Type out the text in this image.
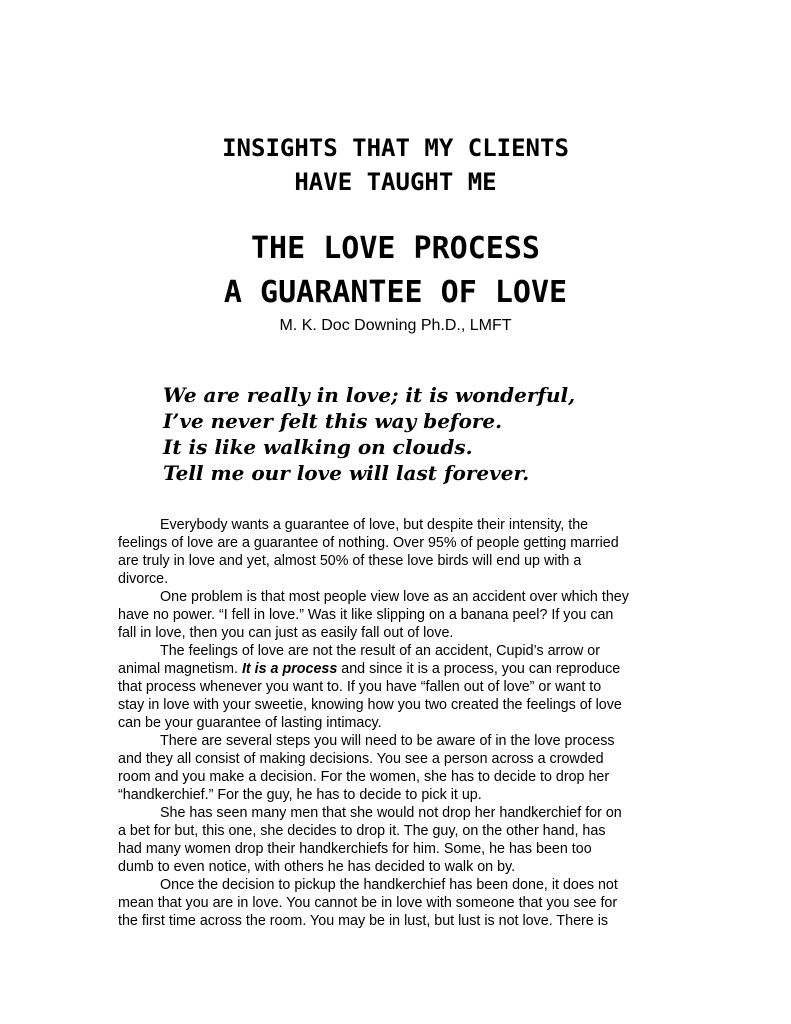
INSIGHTS THAT MY CLIENTS
HAVE TAUGHT ME
THE LOVE PROCESS
A GUARANTEE OF LOVE
M. K. Doc Downing Ph.D., LMFT
We are really in love; it is wonderful,
I’ve never felt this way before.
It is like walking on clouds.
Tell me our love will last forever.
Everybody wants a guarantee of love, but despite their intensity, the
feelings of love are a guarantee of nothing. Over 95% of people getting married
are truly in love and yet, almost 50% of these love birds will end up with a
divorce.
One problem is that most people view love as an accident over which they
have no power. “I fell in love.” Was it like slipping on a banana peel? If you can
fall in love, then you can just as easily fall out of love.
The feelings of love are not the result of an accident, Cupid’s arrow or
animal magnetism. It is a process and since it is a process, you can reproduce
that process whenever you want to. If you have “fallen out of love” or want to
stay in love with your sweetie, knowing how you two created the feelings of love
can be your guarantee of lasting intimacy.
There are several steps you will need to be aware of in the love process
and they all consist of making decisions. You see a person across a crowded
room and you make a decision. For the women, she has to decide to drop her
“handkerchief.” For the guy, he has to decide to pick it up.
She has seen many men that she would not drop her handkerchief for on
a bet for but, this one, she decides to drop it. The guy, on the other hand, has
had many women drop their handkerchiefs for him. Some, he has been too
dumb to even notice, with others he has decided to walk on by.
Once the decision to pickup the handkerchief has been done, it does not
mean that you are in love. You cannot be in love with someone that you see for
the first time across the room. You may be in lust, but lust is not love. There is
